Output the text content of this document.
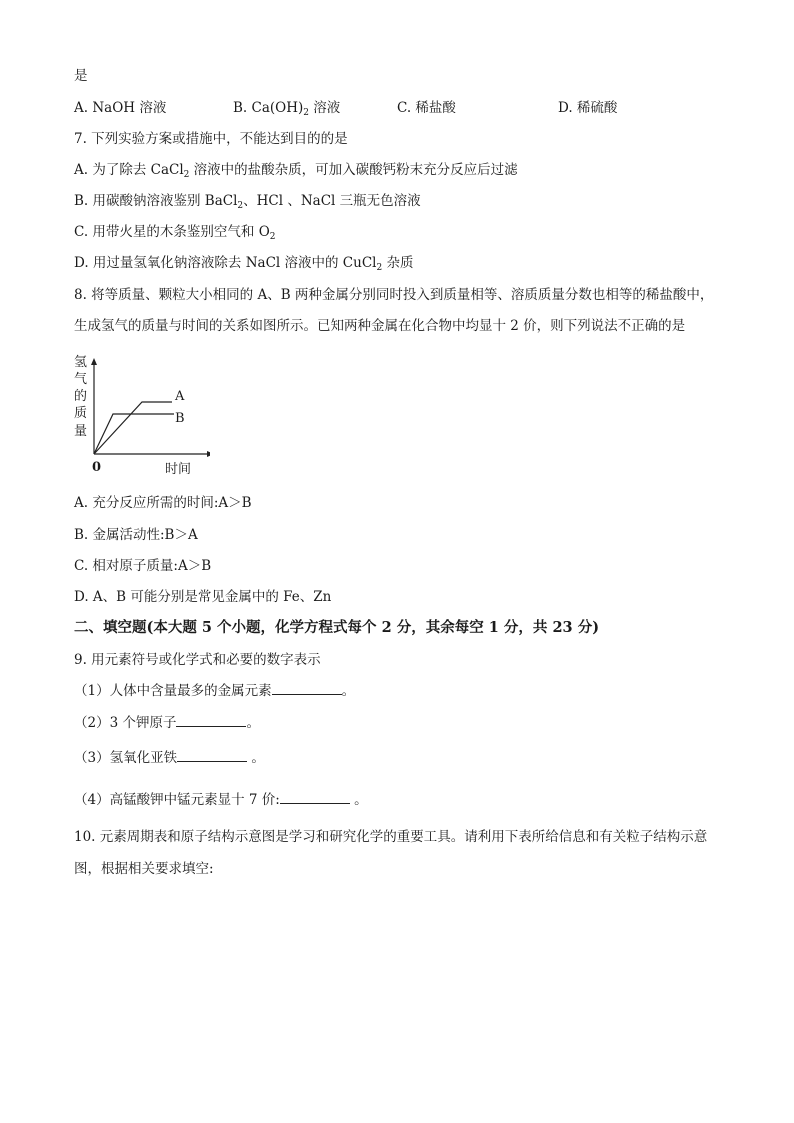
是
A. NaOH 溶液	B. $Ca(OH)_2$ 溶液	C. 稀盐酸	D. 稀硫酸
7. 下列实验方案或措施中，不能达到目的的是
A. 为了除去 CaCl$_2$ 溶液中的盐酸杂质，可加入碳酸钙粉末充分反应后过滤
B. 用碳酸钠溶液鉴别 BaCl$_2$、HCl 、NaCl 三瓶无色溶液
C. 用带火星的木条鉴别空气和 $O_2$
D. 用过量氢氧化钠溶液除去 NaCl 溶液中的 CuCl$_2$ 杂质
8. 将等质量、颗粒大小相同的 A、B 两种金属分别同时投入到质量相等、溶质质量分数也相等的稀盐酸中，
生成氢气的质量与时间的关系如图所示。已知两种金属在化合物中均显十 2 价，则下列说法不正确的是
氢
气
的
质
量
A
B
0	时间
A. 充分反应所需的时间:A＞B
B. 金属活动性:B＞A
C. 相对原子质量:A＞B
D. A、B 可能分别是常见金属中的 Fe、Zn
二、填空题(本大题 5 个小题，化学方程式每个 2 分，其余每空 1 分，共 23 分)
9. 用元素符号或化学式和必要的数字表示
（1）人体中含量最多的金属元素	。
（2）3 个钾原子	。
（3）氢氧化亚铁	。
（4）高锰酸钾中锰元素显十 7 价:	。
10. 元素周期表和原子结构示意图是学习和研究化学的重要工具。请利用下表所给信息和有关粒子结构示意
图，根据相关要求填空:
